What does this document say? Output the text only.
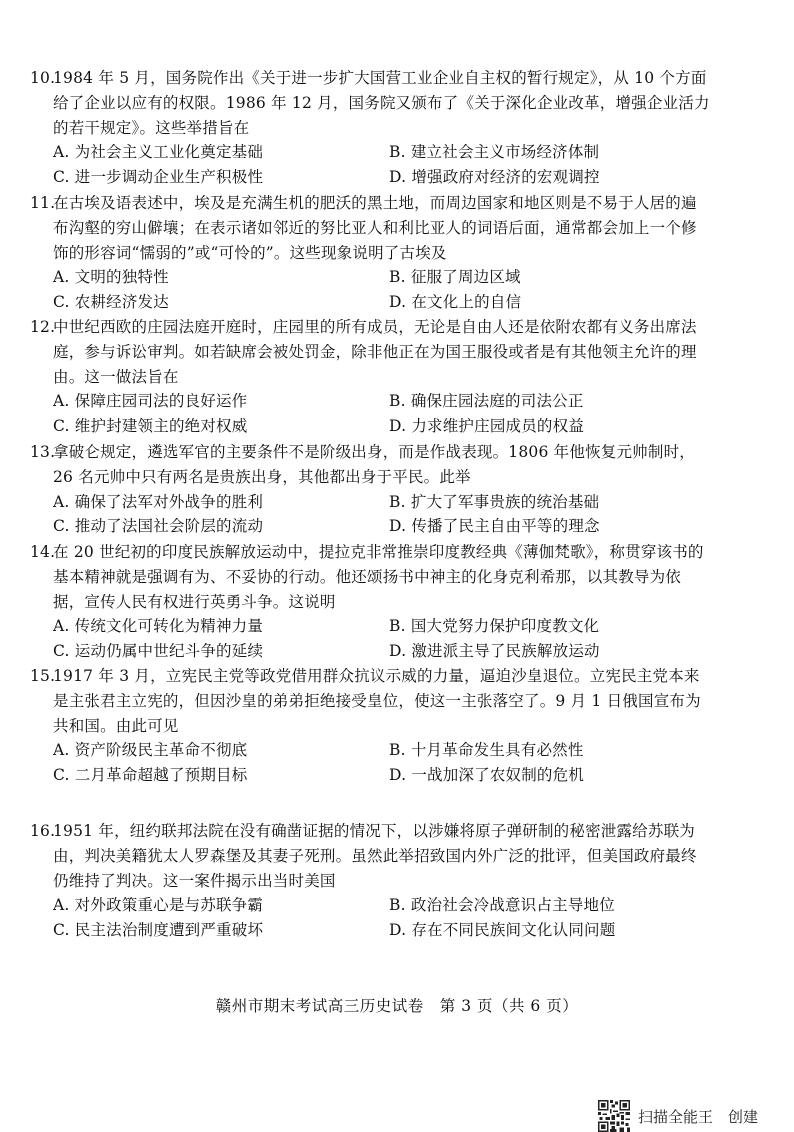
10.
1984 年 5 月，国务院作出《关于进一步扩大国营工业企业自主权的暂行规定》，从 10 个方面给了企业以应有的权限。1986 年 12 月，国务院又颁布了《关于深化企业改革，增强企业活力的若干规定》。这些举措旨在
A. 为社会主义工业化奠定基础	B. 建立社会主义市场经济体制
C. 进一步调动企业生产积极性	D. 增强政府对经济的宏观调控
11.
在古埃及语表述中，埃及是充满生机的肥沃的黑土地，而周边国家和地区则是不易于人居的遍布沟壑的穷山僻壤；在表示诸如邻近的努比亚人和利比亚人的词语后面，通常都会加上一个修饰的形容词“懦弱的”或“可怜的”。这些现象说明了古埃及
A. 文明的独特性	B. 征服了周边区域
C. 农耕经济发达	D. 在文化上的自信
12.
中世纪西欧的庄园法庭开庭时，庄园里的所有成员，无论是自由人还是依附农都有义务出席法庭，参与诉讼审判。如若缺席会被处罚金，除非他正在为国王服役或者是有其他领主允许的理由。这一做法旨在
A. 保障庄园司法的良好运作	B. 确保庄园法庭的司法公正
C. 维护封建领主的绝对权威	D. 力求维护庄园成员的权益
13.
拿破仑规定，遴选军官的主要条件不是阶级出身，而是作战表现。1806 年他恢复元帅制时，26 名元帅中只有两名是贵族出身，其他都出身于平民。此举
A. 确保了法军对外战争的胜利	B. 扩大了军事贵族的统治基础
C. 推动了法国社会阶层的流动	D. 传播了民主自由平等的理念
14.
在 20 世纪初的印度民族解放运动中，提拉克非常推崇印度教经典《薄伽梵歌》，称贯穿该书的基本精神就是强调有为、不妥协的行动。他还颂扬书中神主的化身克利希那，以其教导为依据，宣传人民有权进行英勇斗争。这说明
A. 传统文化可转化为精神力量	B. 国大党努力保护印度教文化
C. 运动仍属中世纪斗争的延续	D. 激进派主导了民族解放运动
15.
1917 年 3 月，立宪民主党等政党借用群众抗议示威的力量，逼迫沙皇退位。立宪民主党本来是主张君主立宪的，但因沙皇的弟弟拒绝接受皇位，使这一主张落空了。9 月 1 日俄国宣布为共和国。由此可见
A. 资产阶级民主革命不彻底	B. 十月革命发生具有必然性
C. 二月革命超越了预期目标	D. 一战加深了农奴制的危机
16.
1951 年，纽约联邦法院在没有确凿证据的情况下，以涉嫌将原子弹研制的秘密泄露给苏联为由，判决美籍犹太人罗森堡及其妻子死刑。虽然此举招致国内外广泛的批评，但美国政府最终仍维持了判决。这一案件揭示出当时美国
A. 对外政策重心是与苏联争霸	B. 政治社会冷战意识占主导地位
C. 民主法治制度遭到严重破坏	D. 存在不同民族间文化认同问题
赣州市期末考试高三历史试卷　第 3 页（共 6 页）
扫描全能王　创建
